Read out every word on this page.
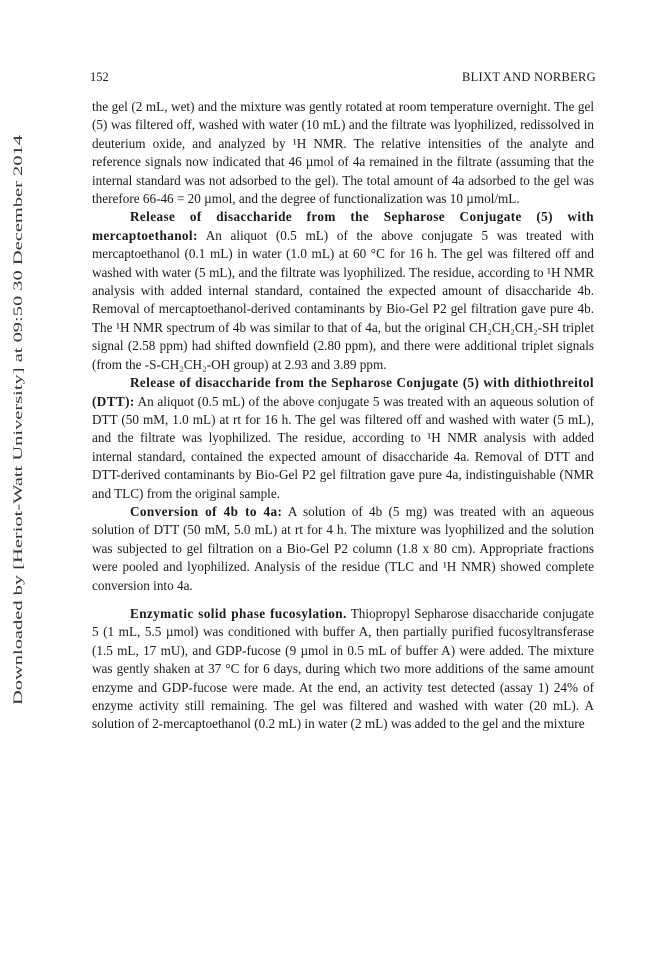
152	BLIXT AND NORBERG
Downloaded by [Heriot-Watt University] at 09:50 30 December 2014

the gel (2 mL, wet) and the mixture was gently rotated at room temperature overnight. The gel (5) was filtered off, washed with water (10 mL) and the filtrate was lyophilized, redissolved in deuterium oxide, and analyzed by ¹H NMR. The relative intensities of the analyte and reference signals now indicated that 46 µmol of 4a remained in the filtrate (assuming that the internal standard was not adsorbed to the gel). The total amount of 4a adsorbed to the gel was therefore 66-46 = 20 µmol, and the degree of functionalization was 10 µmol/mL.

Release of disaccharide from the Sepharose Conjugate (5) with mercaptoethanol: An aliquot (0.5 mL) of the above conjugate 5 was treated with mercaptoethanol (0.1 mL) in water (1.0 mL) at 60 °C for 16 h. The gel was filtered off and washed with water (5 mL), and the filtrate was lyophilized. The residue, according to ¹H NMR analysis with added internal standard, contained the expected amount of disaccharide 4b. Removal of mercaptoethanol-derived contaminants by Bio-Gel P2 gel filtration gave pure 4b. The ¹H NMR spectrum of 4b was similar to that of 4a, but the original CH₂CH₂CH₂-SH triplet signal (2.58 ppm) had shifted downfield (2.80 ppm), and there were additional triplet signals (from the -S-CH₂CH₂-OH group) at 2.93 and 3.89 ppm.

Release of disaccharide from the Sepharose Conjugate (5) with dithiothreitol (DTT): An aliquot (0.5 mL) of the above conjugate 5 was treated with an aqueous solution of DTT (50 mM, 1.0 mL) at rt for 16 h. The gel was filtered off and washed with water (5 mL), and the filtrate was lyophilized. The residue, according to ¹H NMR analysis with added internal standard, contained the expected amount of disaccharide 4a. Removal of DTT and DTT-derived contaminants by Bio-Gel P2 gel filtration gave pure 4a, indistinguishable (NMR and TLC) from the original sample.

Conversion of 4b to 4a: A solution of 4b (5 mg) was treated with an aqueous solution of DTT (50 mM, 5.0 mL) at rt for 4 h. The mixture was lyophilized and the solution was subjected to gel filtration on a Bio-Gel P2 column (1.8 x 80 cm). Appropriate fractions were pooled and lyophilized. Analysis of the residue (TLC and ¹H NMR) showed complete conversion into 4a.

Enzymatic solid phase fucosylation. Thiopropyl Sepharose disaccharide conjugate 5 (1 mL, 5.5 µmol) was conditioned with buffer A, then partially purified fucosyltransferase (1.5 mL, 17 mU), and GDP-fucose (9 µmol in 0.5 mL of buffer A) were added. The mixture was gently shaken at 37 °C for 6 days, during which two more additions of the same amount enzyme and GDP-fucose were made. At the end, an activity test detected (assay 1) 24% of enzyme activity still remaining. The gel was filtered and washed with water (20 mL). A solution of 2-mercaptoethanol (0.2 mL) in water (2 mL) was added to the gel and the mixture
